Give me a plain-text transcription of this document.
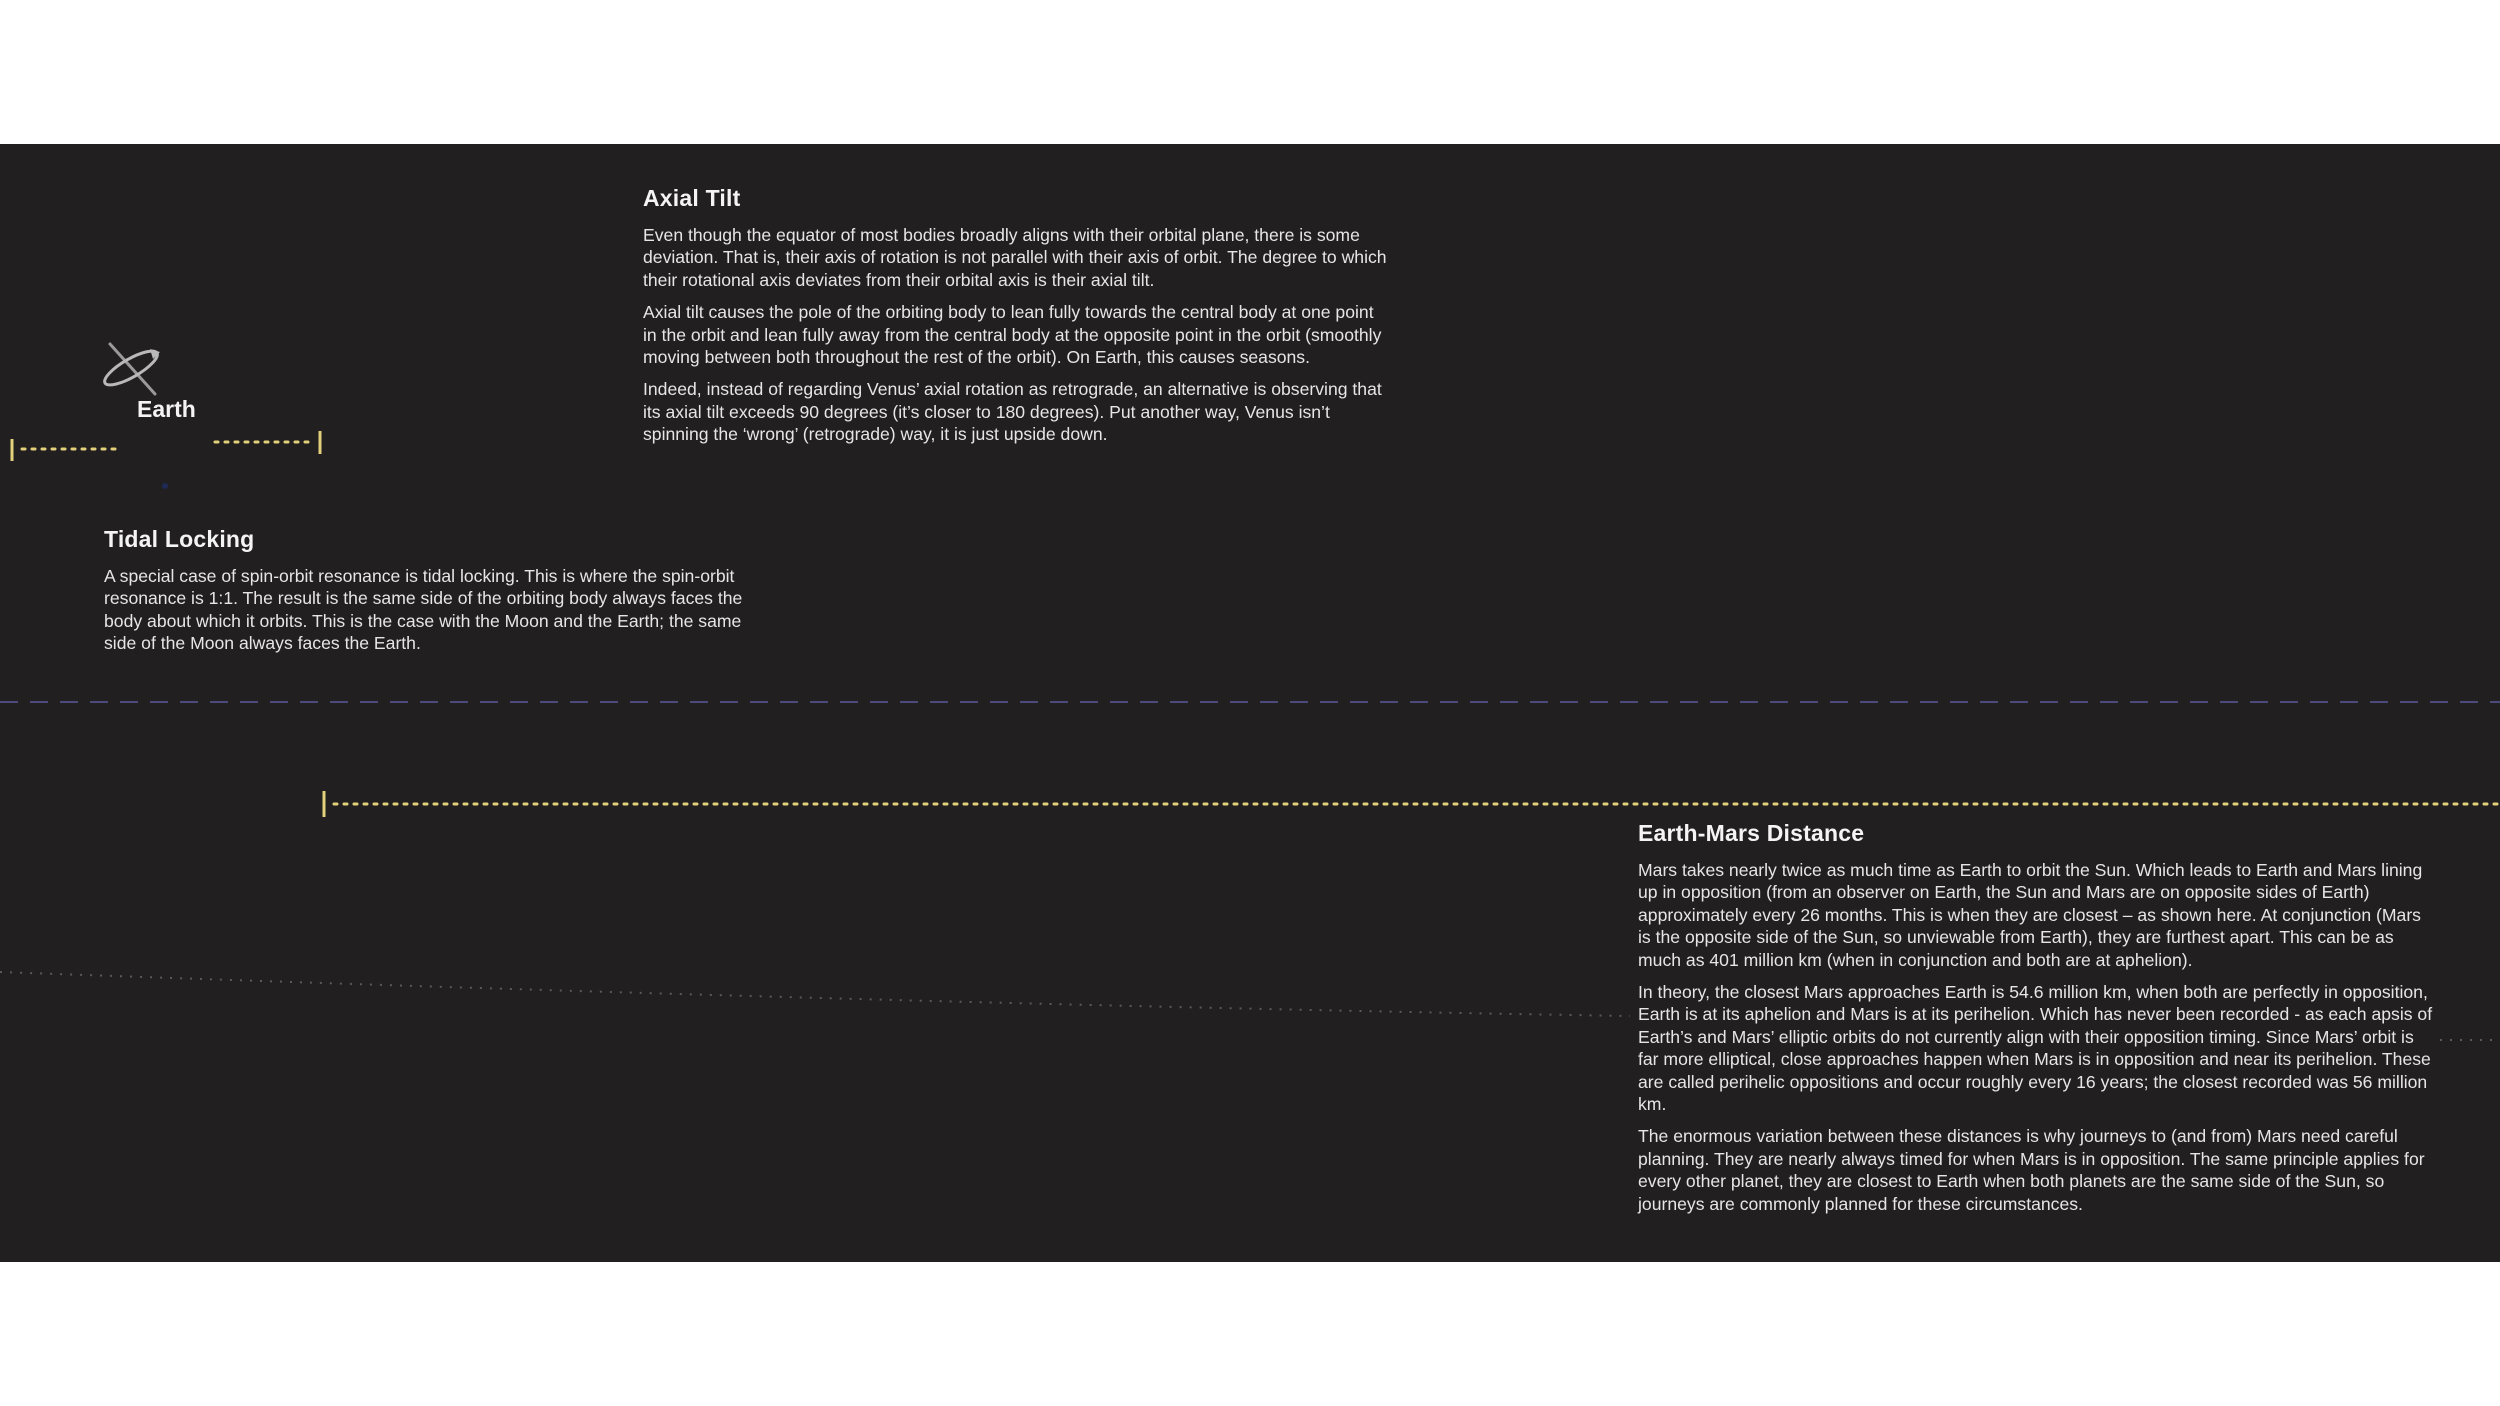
Earth
Axial Tilt

Even though the equator of most bodies broadly aligns with their orbital plane, there is some deviation. That is, their axis of rotation is not parallel with their axis of orbit. The degree to which their rotational axis deviates from their orbital axis is their axial tilt.

Axial tilt causes the pole of the orbiting body to lean fully towards the central body at one point in the orbit and lean fully away from the central body at the opposite point in the orbit (smoothly moving between both throughout the rest of the orbit). On Earth, this causes seasons.

Indeed, instead of regarding Venus’ axial rotation as retrograde, an alternative is observing that its axial tilt exceeds 90 degrees (it’s closer to 180 degrees). Put another way, Venus isn’t spinning the ‘wrong’ (retrograde) way, it is just upside down.

Tidal Locking

A special case of spin-orbit resonance is tidal locking. This is where the spin-orbit resonance is 1:1. The result is the same side of the orbiting body always faces the body about which it orbits. This is the case with the Moon and the Earth; the same side of the Moon always faces the Earth.

Earth-Mars Distance

Mars takes nearly twice as much time as Earth to orbit the Sun. Which leads to Earth and Mars lining up in opposition (from an observer on Earth, the Sun and Mars are on opposite sides of Earth) approximately every 26 months. This is when they are closest – as shown here. At conjunction (Mars is the opposite side of the Sun, so unviewable from Earth), they are furthest apart. This can be as much as 401 million km (when in conjunction and both are at aphelion).

In theory, the closest Mars approaches Earth is 54.6 million km, when both are perfectly in opposition, Earth is at its aphelion and Mars is at its perihelion. Which has never been recorded - as each apsis of Earth’s and Mars’ elliptic orbits do not currently align with their opposition timing. Since Mars’ orbit is far more elliptical, close approaches happen when Mars is in opposition and near its perihelion. These are called perihelic oppositions and occur roughly every 16 years; the closest recorded was 56 million km.

The enormous variation between these distances is why journeys to (and from) Mars need careful planning. They are nearly always timed for when Mars is in opposition. The same principle applies for every other planet, they are closest to Earth when both planets are the same side of the Sun, so journeys are commonly planned for these circumstances.
